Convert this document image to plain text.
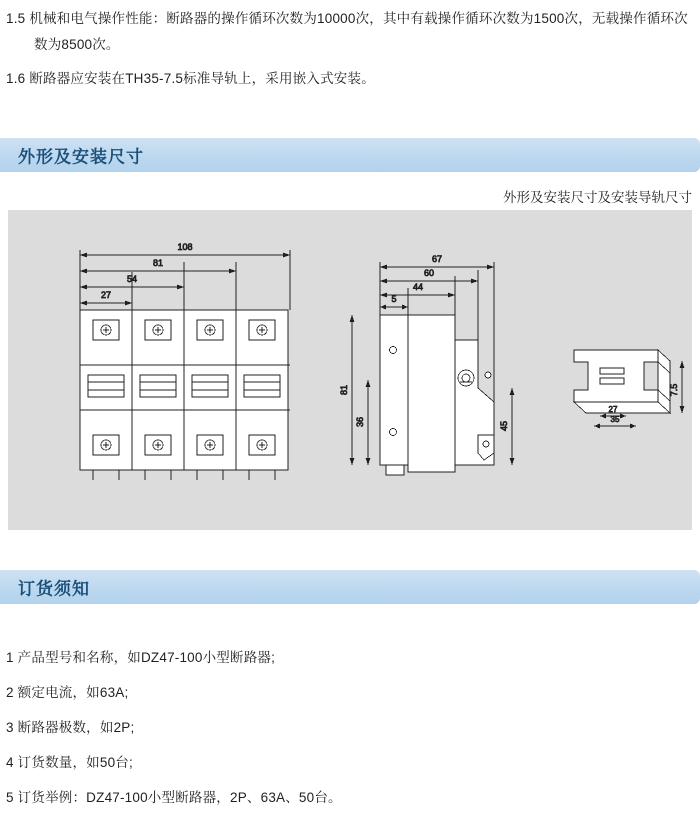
1.5 机械和电气操作性能：断路器的操作循环次数为10000次，其中有载操作循环次数为1500次，无载操作循环次数为8500次。
1.6 断路器应安装在TH35-7.5标准导轨上，采用嵌入式安装。
外形及安装尺寸
外形及安装尺寸及安装导轨尺寸
108
81
54
27
67
60
44
5
81
36	45
7.5
27
35
订货须知
1 产品型号和名称，如DZ47-100小型断路器;
2 额定电流，如63A;
3 断路器极数，如2P;
4 订货数量，如50台;
5 订货举例：DZ47-100小型断路器，2P、63A、50台。
